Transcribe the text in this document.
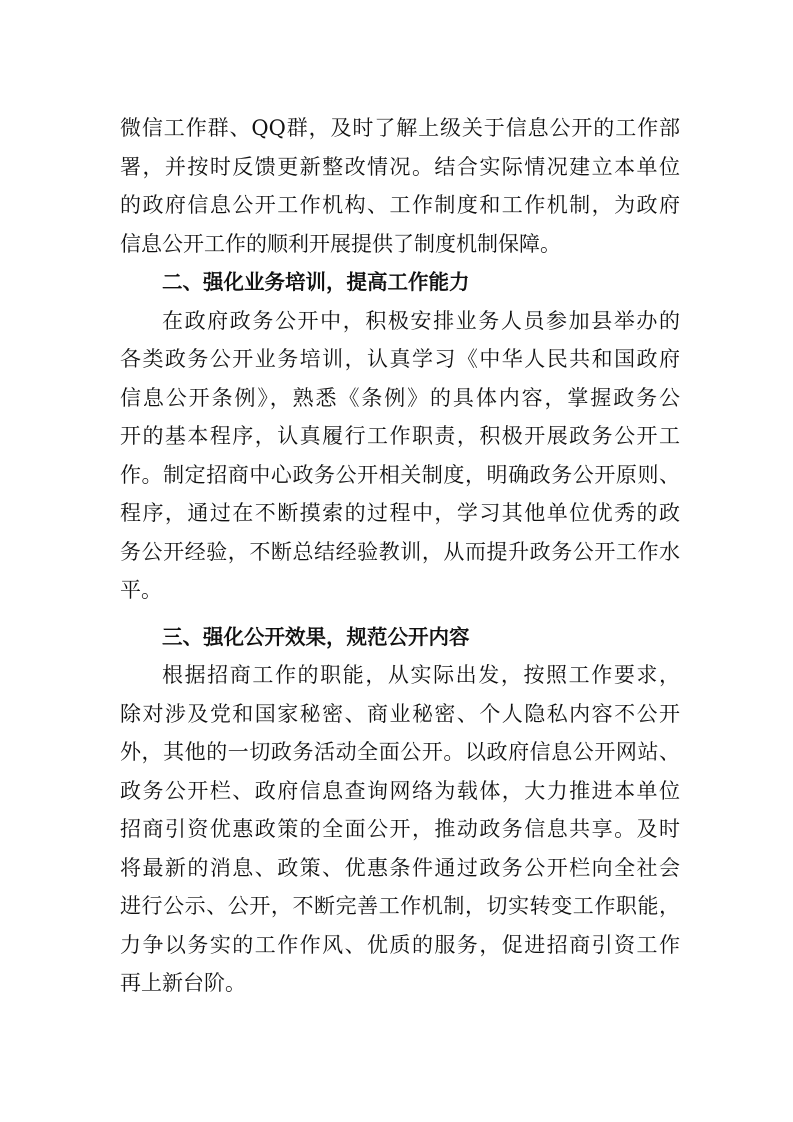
微信工作群、QQ群，及时了解上级关于信息公开的工作部
署，并按时反馈更新整改情况。结合实际情况建立本单位
的政府信息公开工作机构、工作制度和工作机制，为政府
信息公开工作的顺利开展提供了制度机制保障。
二、强化业务培训，提高工作能力
在政府政务公开中，积极安排业务人员参加县举办的
各类政务公开业务培训，认真学习《中华人民共和国政府
信息公开条例》，熟悉《条例》的具体内容，掌握政务公
开的基本程序，认真履行工作职责，积极开展政务公开工
作。制定招商中心政务公开相关制度，明确政务公开原则、
程序，通过在不断摸索的过程中，学习其他单位优秀的政
务公开经验，不断总结经验教训，从而提升政务公开工作水
平。
三、强化公开效果，规范公开内容
根据招商工作的职能，从实际出发，按照工作要求，
除对涉及党和国家秘密、商业秘密、个人隐私内容不公开
外，其他的一切政务活动全面公开。以政府信息公开网站、
政务公开栏、政府信息查询网络为载体，大力推进本单位
招商引资优惠政策的全面公开，推动政务信息共享。及时
将最新的消息、政策、优惠条件通过政务公开栏向全社会
进行公示、公开，不断完善工作机制，切实转变工作职能，
力争以务实的工作作风、优质的服务，促进招商引资工作
再上新台阶。
